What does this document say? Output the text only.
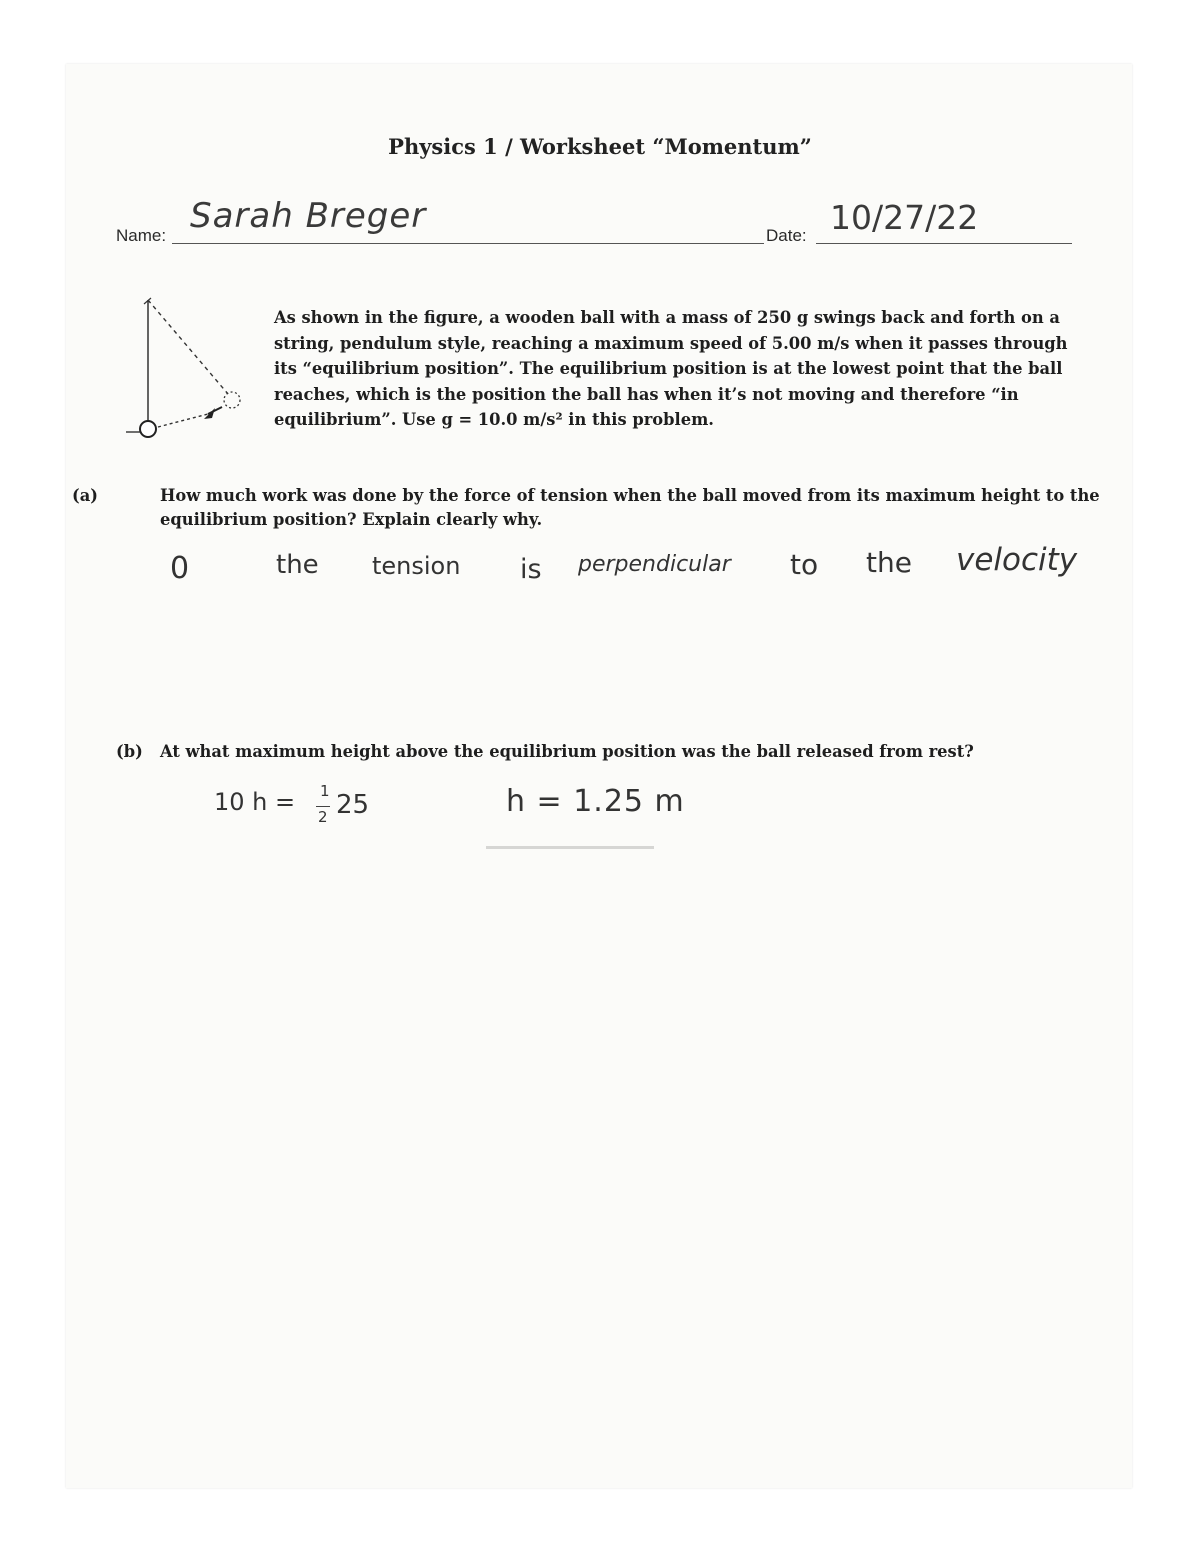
Physics 1 / Worksheet “Momentum”
Name: Sarah Breger	Date: 10/27/22
As shown in the figure, a wooden ball with a mass of 250 g swings back and forth on a string, pendulum style, reaching a maximum speed of 5.00 m/s when it passes through its “equilibrium position”. The equilibrium position is at the lowest point that the ball reaches, which is the position the ball has when it’s not moving and therefore “in equilibrium”. Use g = 10.0 m/s² in this problem.
(a)	How much work was done by the force of tension when the ball moved from its maximum height to the equilibrium position? Explain clearly why.
0	the tension is perpendicular to the velocity
(b) At what maximum height above the equilibrium position was the ball released from rest?
10 h = 1
2 25	h = 1.25 m
